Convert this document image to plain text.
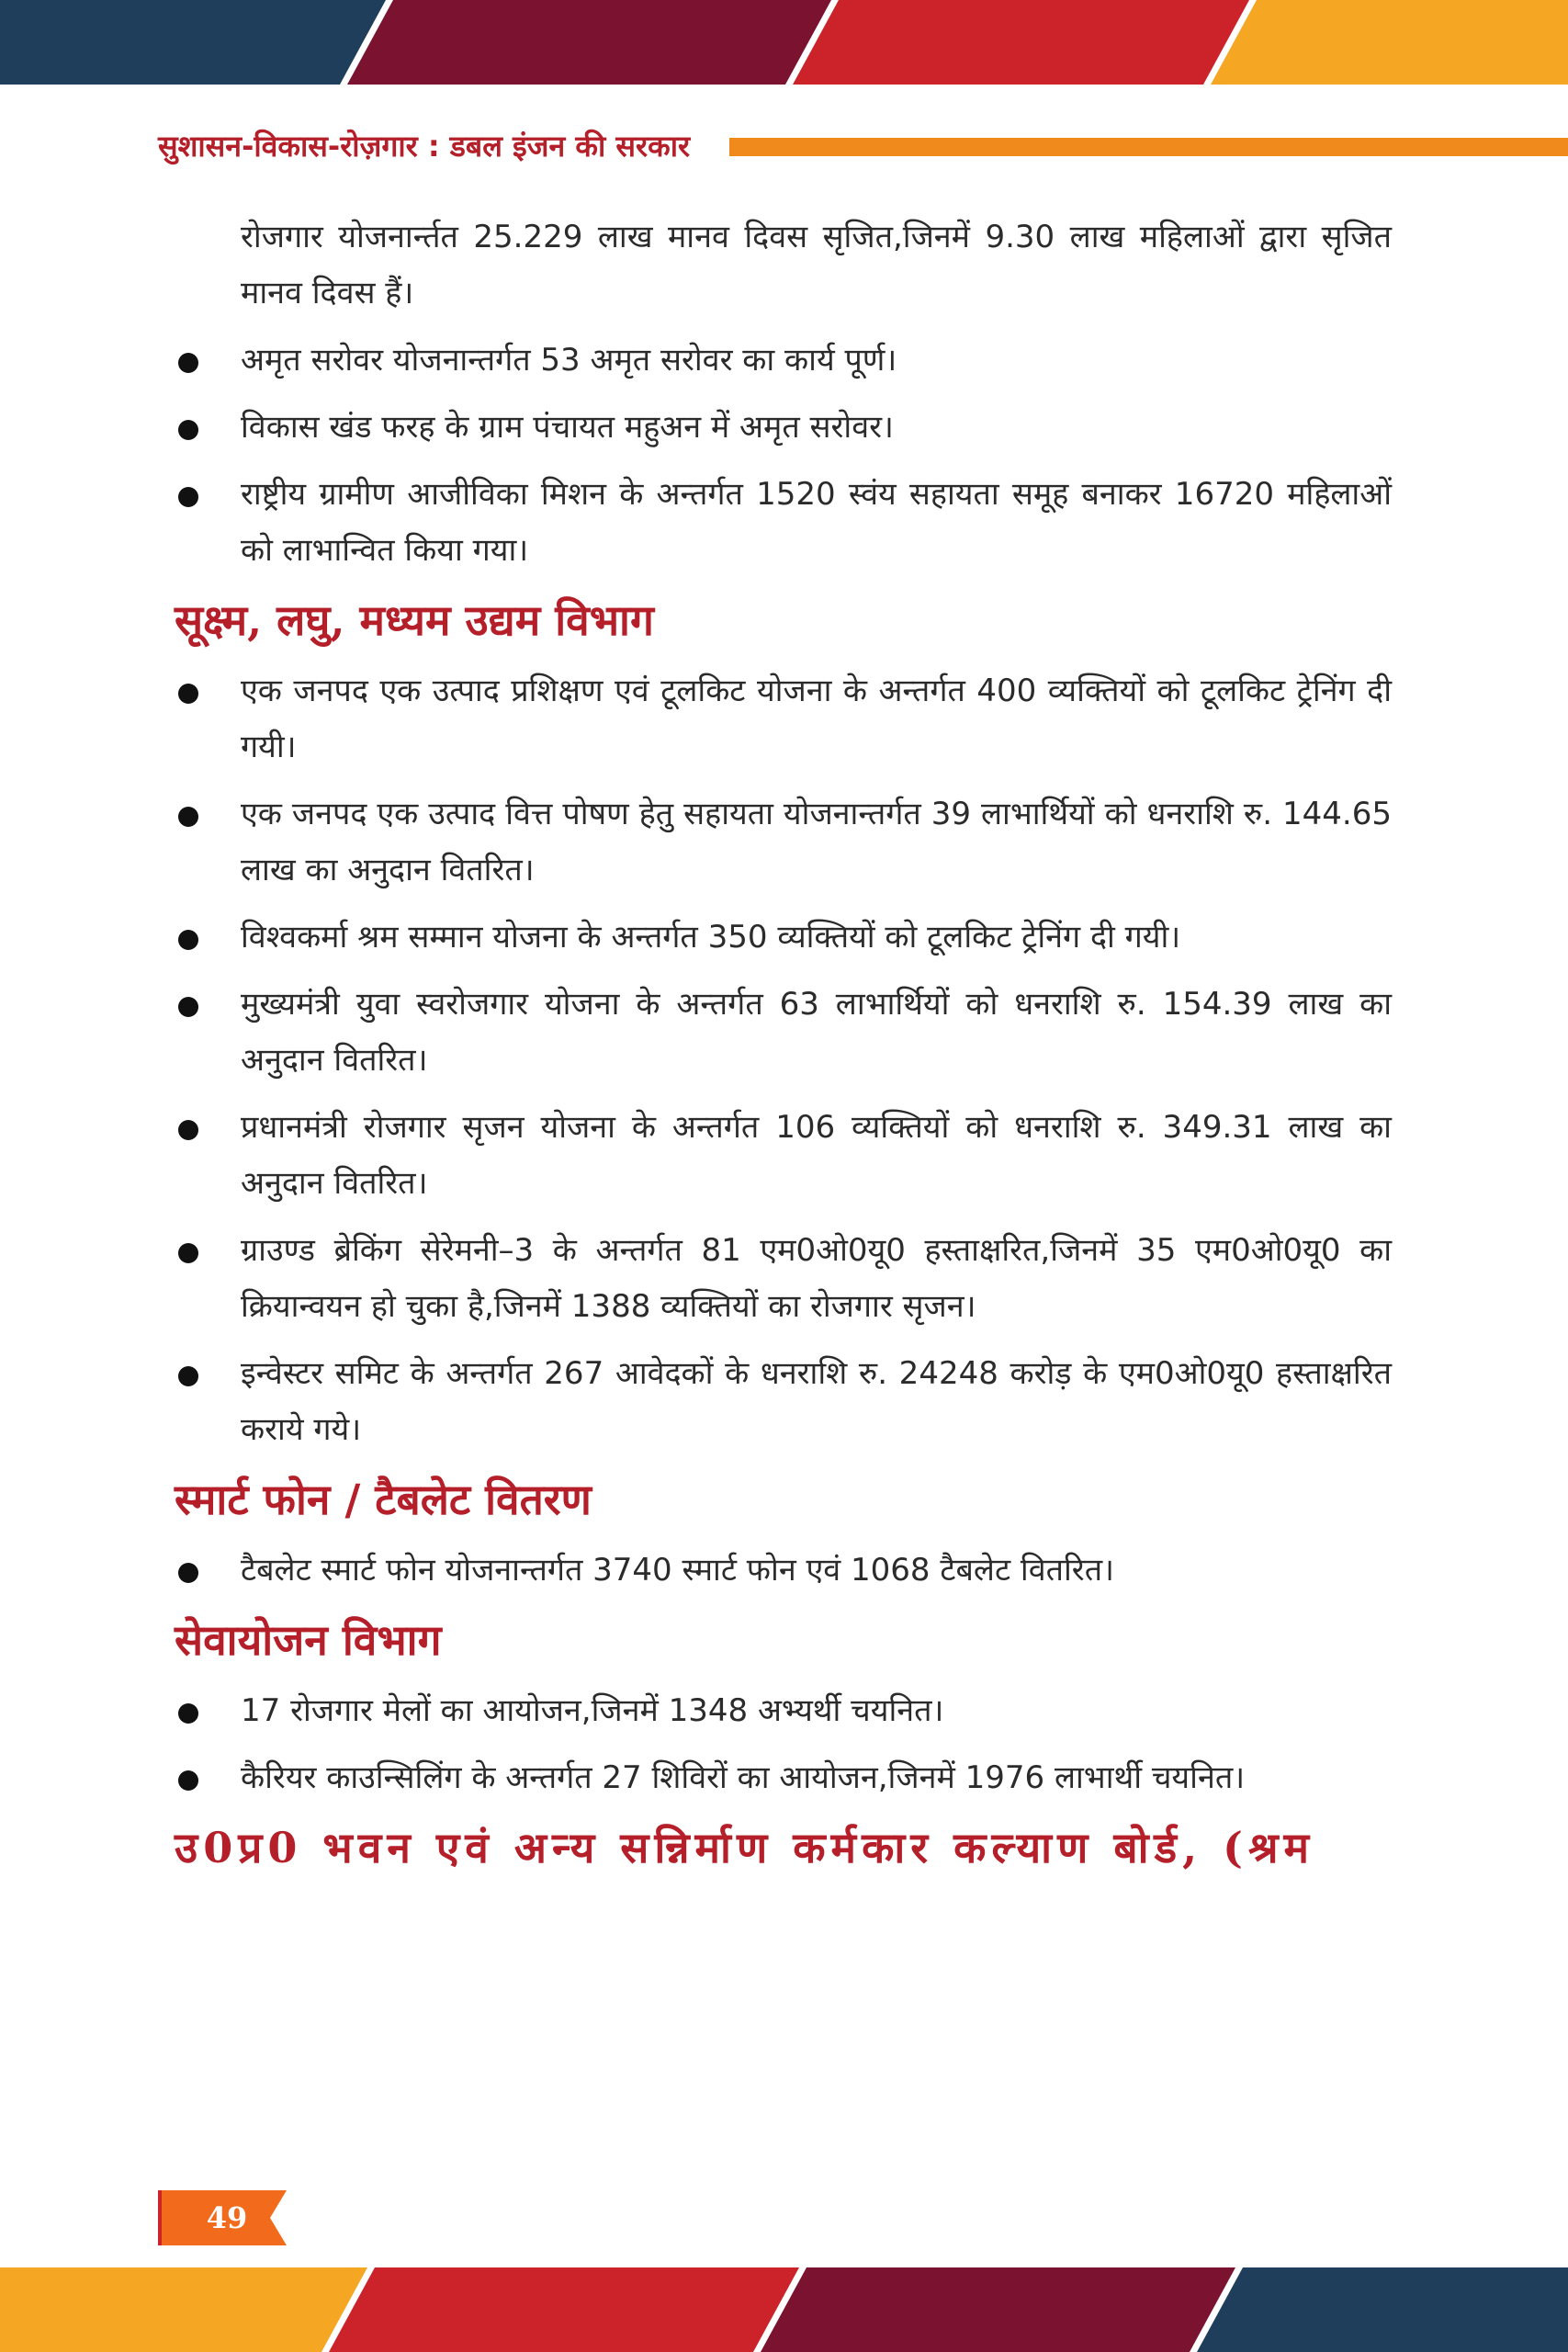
सुशासन-विकास-रोज़गार : डबल इंजन की सरकार

रोजगार योजनार्न्तत 25.229 लाख मानव दिवस सृजित,जिनमें 9.30 लाख महिलाओं द्वारा सृजित मानव दिवस हैं।

अमृत सरोवर योजनान्तर्गत 53 अमृत सरोवर का कार्य पूर्ण।
विकास खंड फरह के ग्राम पंचायत महुअन में अमृत सरोवर।
राष्ट्रीय ग्रामीण आजीविका मिशन के अन्तर्गत 1520 स्वंय सहायता समूह बनाकर 16720 महिलाओं को लाभान्वित किया गया।
सूक्ष्म, लघु, मध्यम उद्यम विभाग
एक जनपद एक उत्पाद प्रशिक्षण एवं टूलकिट योजना के अन्तर्गत 400 व्यक्तियों को टूलकिट ट्रेनिंग दी गयी।
एक जनपद एक उत्पाद वित्त पोषण हेतु सहायता योजनान्तर्गत 39 लाभार्थियों को धनराशि रु. 144.65 लाख का अनुदान वितरित।
विश्वकर्मा श्रम सम्मान योजना के अन्तर्गत 350 व्यक्तियों को टूलकिट ट्रेनिंग दी गयी।
मुख्यमंत्री युवा स्वरोजगार योजना के अन्तर्गत 63 लाभार्थियों को धनराशि रु. 154.39 लाख का अनुदान वितरित।
प्रधानमंत्री रोजगार सृजन योजना के अन्तर्गत 106 व्यक्तियों को धनराशि रु. 349.31 लाख का अनुदान वितरित।
ग्राउण्ड ब्रेकिंग सेरेमनी–3 के अन्तर्गत 81 एम0ओ0यू0 हस्ताक्षरित,जिनमें 35 एम0ओ0यू0 का क्रियान्वयन हो चुका है,जिनमें 1388 व्यक्तियों का रोजगार सृजन।
इन्वेस्टर समिट के अन्तर्गत 267 आवेदकों के धनराशि रु. 24248 करोड़ के एम0ओ0यू0 हस्ताक्षरित कराये गये।
स्मार्ट फोन / टैबलेट वितरण
टैबलेट स्मार्ट फोन योजनान्तर्गत 3740 स्मार्ट फोन एवं 1068 टैबलेट वितरित।
सेवायोजन विभाग
17 रोजगार मेलों का आयोजन,जिनमें 1348 अभ्यर्थी चयनित।
कैरियर काउन्सिलिंग के अन्तर्गत 27 शिविरों का आयोजन,जिनमें 1976 लाभार्थी चयनित।
उ0प्र0 भवन एवं अन्य सन्निर्माण कर्मकार कल्याण बोर्ड, (श्रम
49
